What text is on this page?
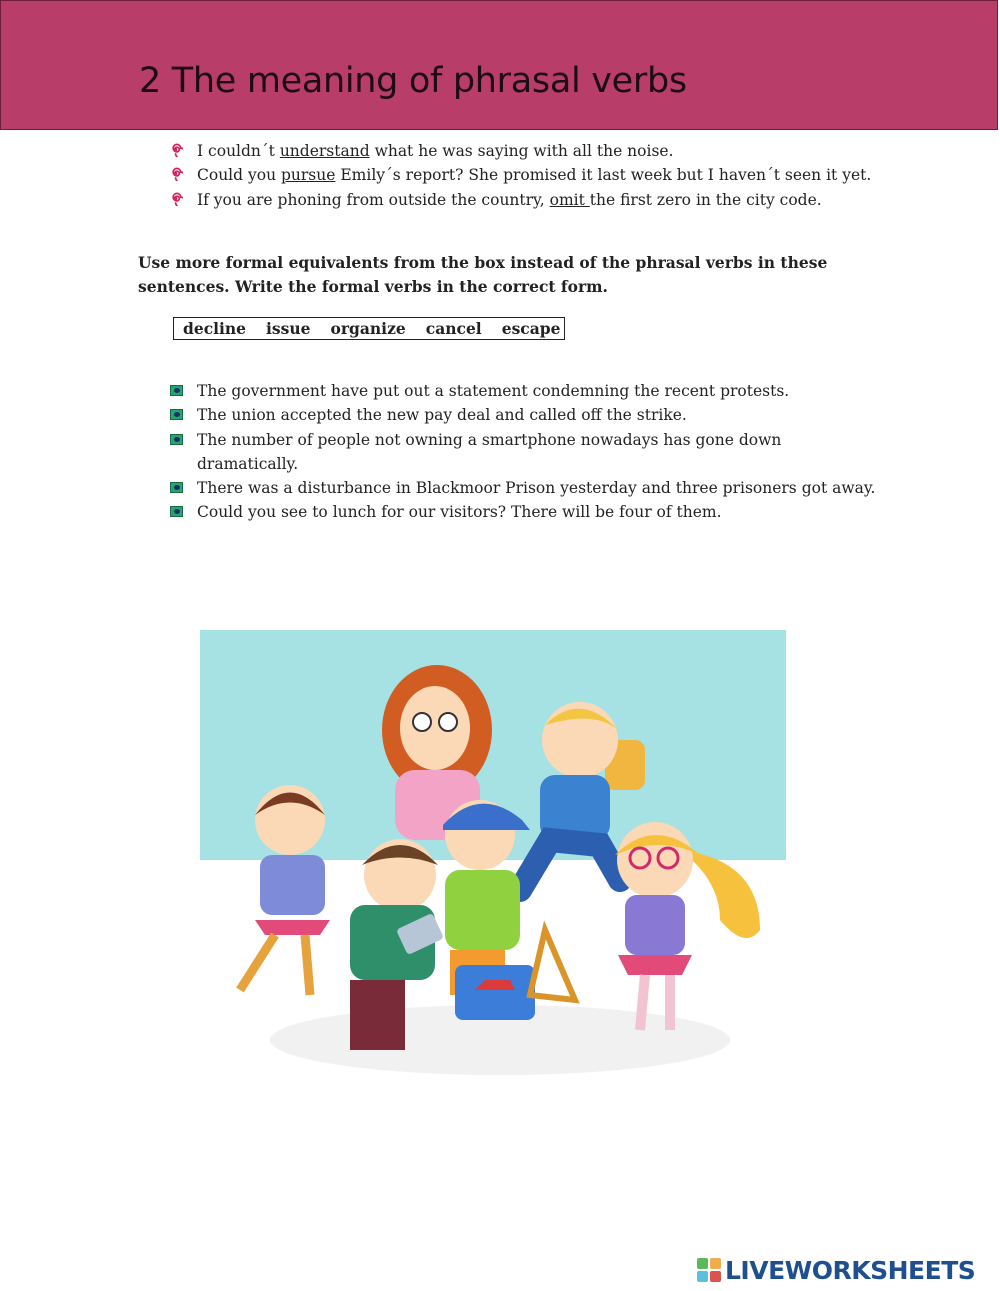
2 The meaning of phrasal verbs
I couldn´t understand what he was saying with all the noise.
Could you pursue Emily´s report? She promised it last week but I haven´t seen it yet.
If you are phoning from outside the country, omit the first zero in the city code.
Use more formal equivalents from the box instead of the phrasal verbs in these sentences. Write the formal verbs in the correct form.
decline issue organize cancel escape
The government have put out a statement condemning the recent protests.
The union accepted the new pay deal and called off the strike.
The number of people not owning a smartphone nowadays has gone down dramatically.
There was a disturbance in Blackmoor Prison yesterday and three prisoners got away.
Could you see to lunch for our visitors? There will be four of them.
LIVEWORKSHEETS
